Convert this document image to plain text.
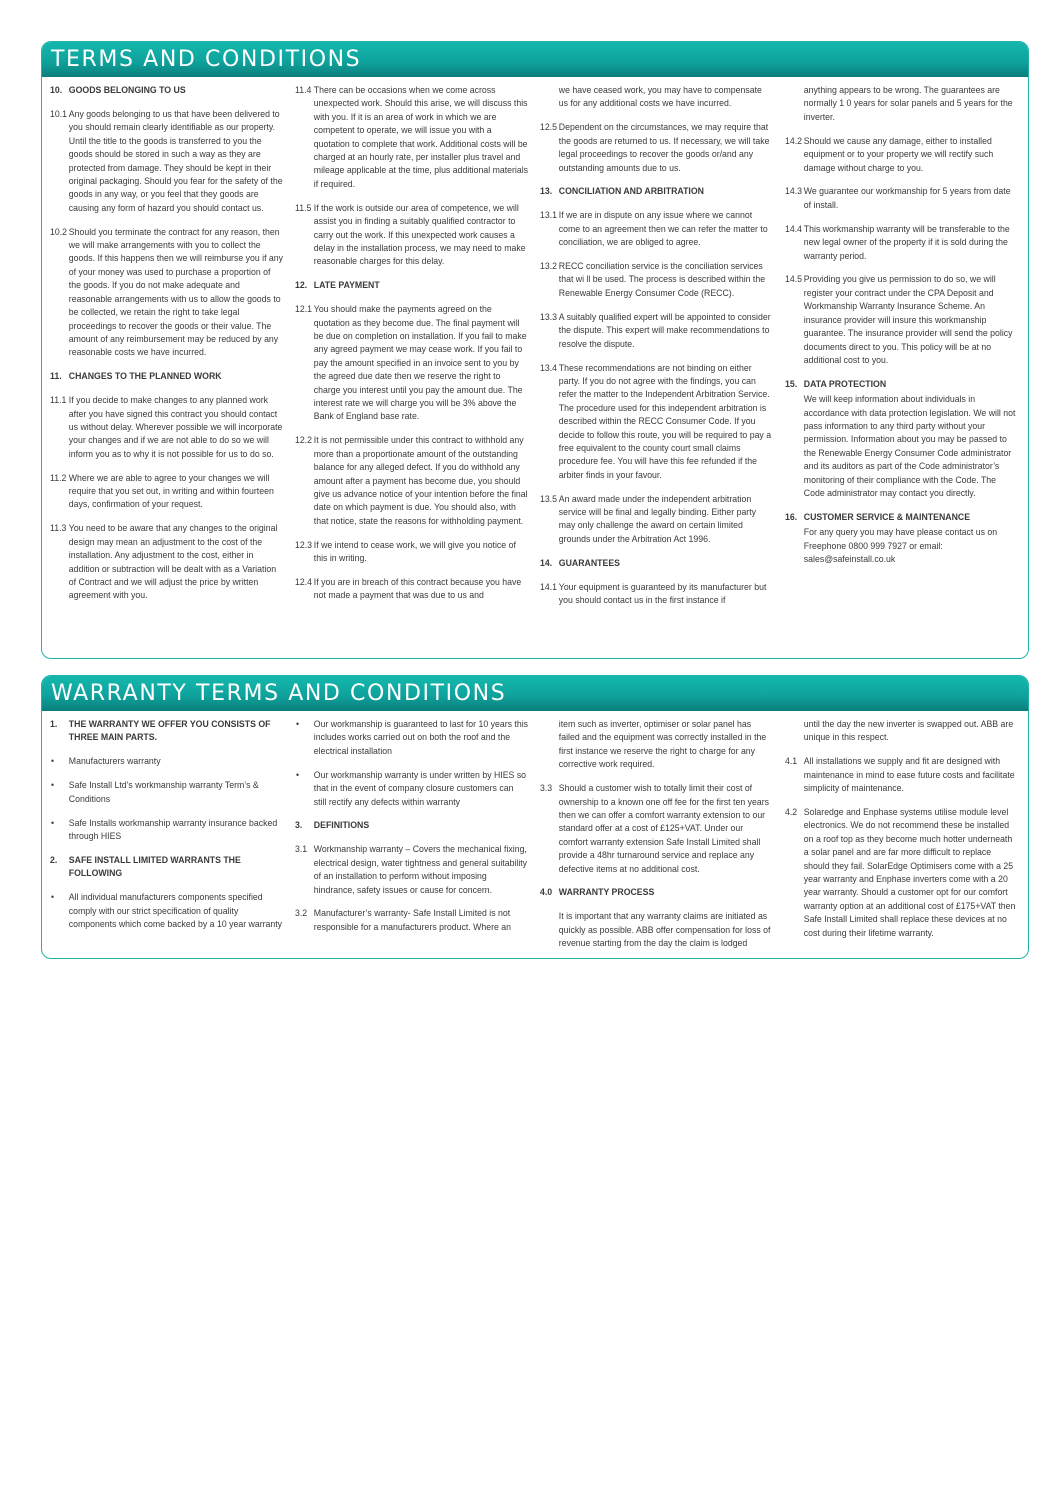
TERMS AND CONDITIONS
10. GOODS BELONGING TO US
10.1 Any goods belonging to us that have been delivered to you should remain clearly identifiable as our property. Until the title to the goods is transferred to you the goods should be stored in such a way as they are protected from damage. They should be kept in their original packaging. Should you fear for the safety of the goods in any way, or you feel that they goods are causing any form of hazard you should contact us.
10.2 Should you terminate the contract for any reason, then we will make arrangements with you to collect the goods. If this happens then we will reimburse you if any of your money was used to purchase a proportion of the goods. If you do not make adequate and reasonable arrangements with us to allow the goods to be collected, we retain the right to take legal proceedings to recover the goods or their value. The amount of any reimbursement may be reduced by any reasonable costs we have incurred.
11. CHANGES TO THE PLANNED WORK
11.1 If you decide to make changes to any planned work after you have signed this contract you should contact us without delay. Wherever possible we will incorporate your changes and if we are not able to do so we will inform you as to why it is not possible for us to do so.
11.2 Where we are able to agree to your changes we will require that you set out, in writing and within fourteen days, confirmation of your request.
11.3 You need to be aware that any changes to the original design may mean an adjustment to the cost of the installation. Any adjustment to the cost, either in addition or subtraction will be dealt with as a Variation of Contract and we will adjust the price by written agreement with you.
11.4 There can be occasions when we come across unexpected work. Should this arise, we will discuss this with you. If it is an area of work in which we are competent to operate, we will issue you with a quotation to complete that work. Additional costs will be charged at an hourly rate, per installer plus travel and mileage applicable at the time, plus additional materials if required.
11.5 If the work is outside our area of competence, we will assist you in finding a suitably qualified contractor to carry out the work. If this unexpected work causes a delay in the installation process, we may need to make reasonable charges for this delay.
12. LATE PAYMENT
12.1 You should make the payments agreed on the quotation as they become due. The final payment will be due on completion on installation. If you fail to make any agreed payment we may cease work. If you fail to pay the amount specified in an invoice sent to you by the agreed due date then we reserve the right to charge you interest until you pay the amount due. The interest rate we will charge you will be 3% above the Bank of England base rate.
12.2 It is not permissible under this contract to withhold any more than a proportionate amount of the outstanding balance for any alleged defect. If you do withhold any amount after a payment has become due, you should give us advance notice of your intention before the final date on which payment is due. You should also, with that notice, state the reasons for withholding payment.
12.3 If we intend to cease work, we will give you notice of this in writing.
12.4 If you are in breach of this contract because you have not made a payment that was due to us and
we have ceased work, you may have to compensate us for any additional costs we have incurred.
12.5 Dependent on the circumstances, we may require that the goods are returned to us. If necessary, we will take legal proceedings to recover the goods or/and any outstanding amounts due to us.
13. CONCILIATION AND ARBITRATION
13.1 If we are in dispute on any issue where we cannot come to an agreement then we can refer the matter to conciliation, we are obliged to agree.
13.2 RECC conciliation service is the conciliation services that wi ll be used. The process is described within the Renewable Energy Consumer Code (RECC).
13.3 A suitably qualified expert will be appointed to consider the dispute. This expert will make recommendations to resolve the dispute.
13.4 These recommendations are not binding on either party. If you do not agree with the findings, you can refer the matter to the Independent Arbitration Service. The procedure used for this independent arbitration is described within the RECC Consumer Code. If you decide to follow this route, you will be required to pay a free equivalent to the county court small claims procedure fee. You will have this fee refunded if the arbiter finds in your favour.
13.5 An award made under the independent arbitration service will be final and legally binding. Either party may only challenge the award on certain limited grounds under the Arbitration Act 1996.
14. GUARANTEES
14.1 Your equipment is guaranteed by its manufacturer but you should contact us in the first instance if
anything appears to be wrong. The guarantees are normally 1 0 years for solar panels and 5 years for the inverter.
14.2 Should we cause any damage, either to installed equipment or to your property we will rectify such damage without charge to you.
14.3 We guarantee our workmanship for 5 years from date of install.
14.4 This workmanship warranty will be transferable to the new legal owner of the property if it is sold during the warranty period.
14.5 Providing you give us permission to do so, we will register your contract under the CPA Deposit and Workmanship Warranty Insurance Scheme. An insurance provider will insure this workmanship guarantee. The insurance provider will send the policy documents direct to you. This policy will be at no additional cost to you.
15. DATA PROTECTION
We will keep information about individuals in accordance with data protection legislation. We will not pass information to any third party without your permission. Information about you may be passed to the Renewable Energy Consumer Code administrator and its auditors as part of the Code administrator’s monitoring of their compliance with the Code. The Code administrator may contact you directly.
16. CUSTOMER SERVICE & MAINTENANCE
For any query you may have please contact us on Freephone 0800 999 7927 or email: sales@safeinstall.co.uk
WARRANTY TERMS AND CONDITIONS
1.	THE WARRANTY WE OFFER YOU CONSISTS OF THREE MAIN PARTS.
•	Manufacturers warranty
•	Safe Install Ltd’s workmanship warranty Term’s & Conditions
•	Safe Installs workmanship warranty insurance backed through HIES
2.	SAFE INSTALL LIMITED WARRANTS THE FOLLOWING
•	All individual manufacturers components specified comply with our strict specification of quality components which come backed by a 10 year warranty
•	Our workmanship is guaranteed to last for 10 years this includes works carried out on both the roof and the electrical installation
•	Our workmanship warranty is under written by HIES so that in the event of company closure customers can still rectify any defects within warranty
3.	DEFINITIONS
3.1 Workmanship warranty – Covers the mechanical fixing, electrical design, water tightness and general suitability of an installation to perform without imposing hindrance, safety issues or cause for concern.
3.2 Manufacturer’s warranty- Safe Install Limited is not responsible for a manufacturers product. Where an
item such as inverter, optimiser or solar panel has failed and the equipment was correctly installed in the first instance we reserve the right to charge for any corrective work required.
3.3 Should a customer wish to totally limit their cost of ownership to a known one off fee for the first ten years then we can offer a comfort warranty extension to our standard offer at a cost of £125+VAT. Under our comfort warranty extension Safe Install Limited shall provide a 48hr turnaround service and replace any defective items at no additional cost.
4.0 WARRANTY PROCESS
It is important that any warranty claims are initiated as quickly as possible. ABB offer compensation for loss of revenue starting from the day the claim is lodged
until the day the new inverter is swapped out. ABB are unique in this respect.
4.1 All installations we supply and fit are designed with maintenance in mind to ease future costs and facilitate simplicity of maintenance.
4.2 Solaredge and Enphase systems utilise module level electronics. We do not recommend these be installed on a roof top as they become much hotter underneath a solar panel and are far more difficult to replace should they fail. SolarEdge Optimisers come with a 25 year warranty and Enphase inverters come with a 20 year warranty. Should a customer opt for our comfort warranty option at an additional cost of £175+VAT then Safe Install Limited shall replace these devices at no cost during their lifetime warranty.
